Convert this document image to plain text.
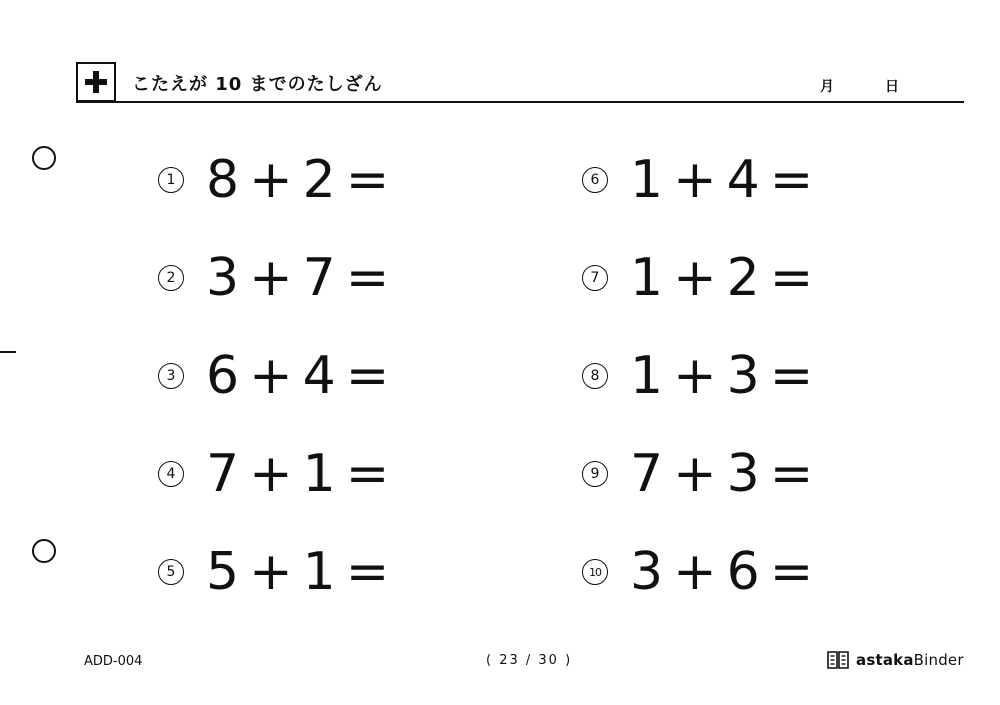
こたえが 10 までのたしざん	月	日
1 8 + 2 =
2 3 + 7 =
3 6 + 4 =
4 7 + 1 =
5 5 + 1 =
6 1 + 4 =
7 1 + 2 =
8 1 + 3 =
9 7 + 3 =
10 3 + 6 =
ADD-004	( 23 / 30 )	astakaBinder
